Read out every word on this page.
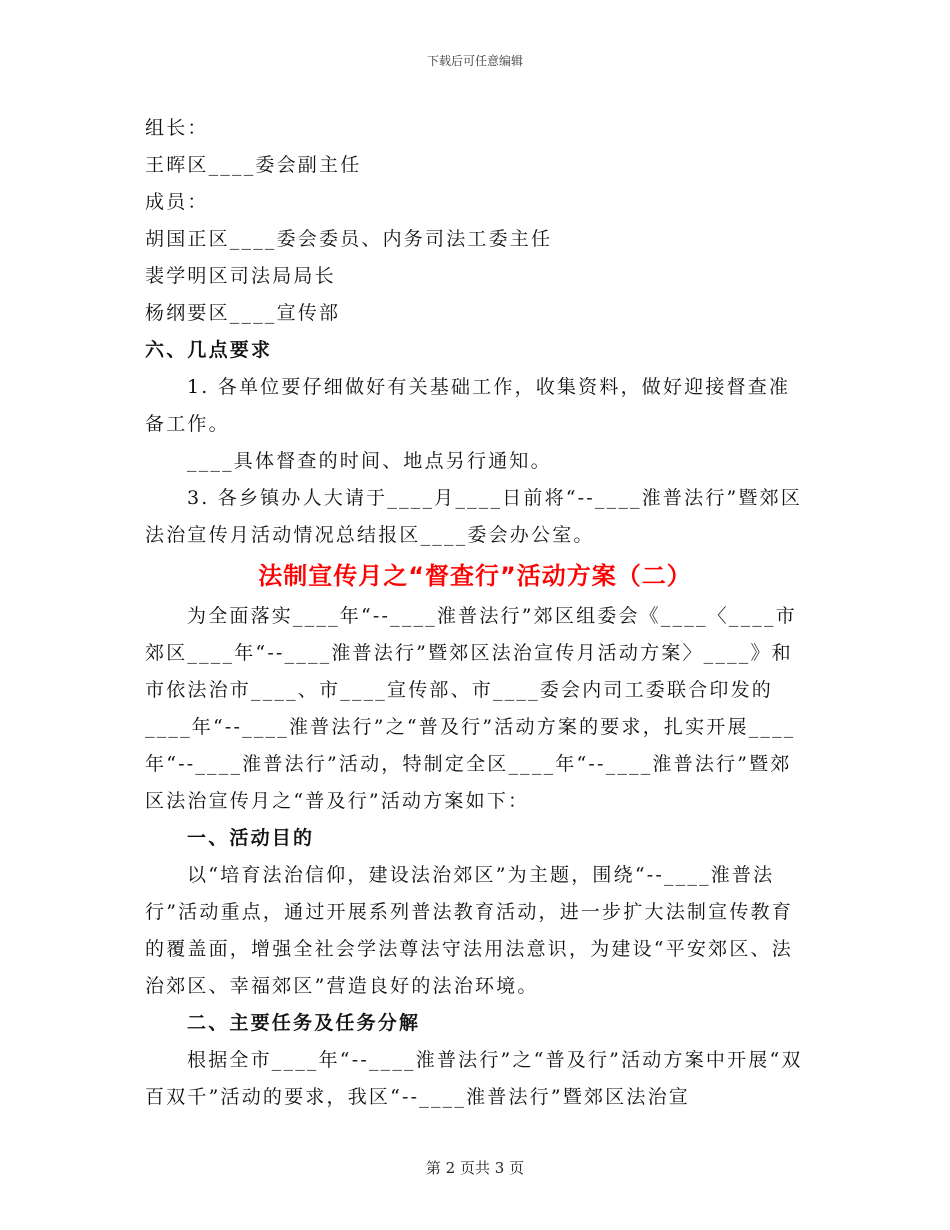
下载后可任意编辑

组长：

王晖区____委会副主任

成员：

胡国正区____委会委员、内务司法工委主任

裴学明区司法局局长

杨纲要区____宣传部

六、几点要求

1. 各单位要仔细做好有关基础工作，收集资料，做好迎接督查准备工作。

____具体督查的时间、地点另行通知。

3. 各乡镇办人大请于____月____日前将“--____淮普法行”暨郊区法治宣传月活动情况总结报区____委会办公室。

法制宣传月之“督查行”活动方案（二）

为全面落实____年“--____淮普法行”郊区组委会《____〈____市郊区____年“--____淮普法行”暨郊区法治宣传月活动方案〉____》和市依法治市____、市____宣传部、市____委会内司工委联合印发的____年“--____淮普法行”之“普及行”活动方案的要求，扎实开展____年“--____淮普法行”活动，特制定全区____年“--____淮普法行”暨郊区法治宣传月之“普及行”活动方案如下：

一、活动目的

以“培育法治信仰，建设法治郊区”为主题，围绕“--____淮普法行”活动重点，通过开展系列普法教育活动，进一步扩大法制宣传教育的覆盖面，增强全社会学法尊法守法用法意识，为建设“平安郊区、法治郊区、幸福郊区”营造良好的法治环境。

二、主要任务及任务分解

根据全市____年“--____淮普法行”之“普及行”活动方案中开展“双百双千”活动的要求，我区“--____淮普法行”暨郊区法治宣

第 2 页共 3 页
